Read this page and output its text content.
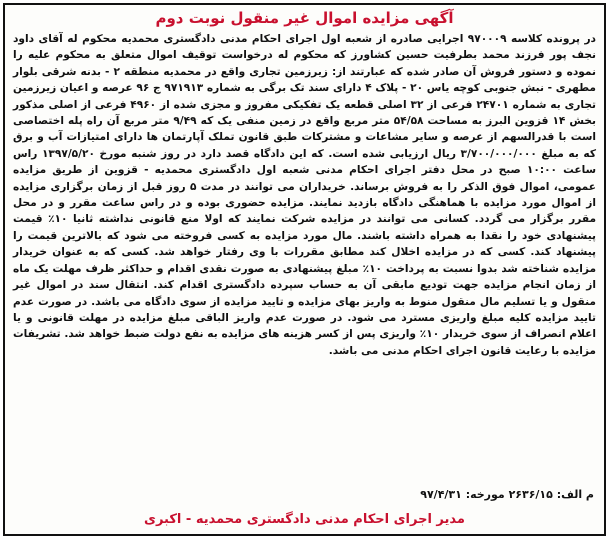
آگهی مزایده اموال غیر منقول نوبت دوم
در پرونده کلاسه ۹۷۰۰۰۹ اجرایی صادره از شعبه اول اجرای احکام مدنی دادگستری محمدیه محکوم له آقای داود نجف پور فرزند محمد بطرفیت حسین کشاورز که محکوم له درخواست توقیف اموال متعلق به محکوم علیه را نموده و دستور فروش آن صادر شده که عبارتند از: زیرزمین تجاری واقع در محمدیه منطقه ۲ - بدنه شرقی بلوار مطهری - نبش جنوبی کوچه یاس ۲۰ - پلاک ۴ دارای سند تک برگی به شماره ۹۷۱۹۱۳ ج ۹۶ عرصه و اعیان زیرزمین تجاری به شماره ۲۴۷۰۱ فرعی از ۳۲ اصلی قطعه یک تفکیکی مفروز و مجزی شده از ۴۹۶۰ فرعی از اصلی مذکور بخش ۱۴ قزوین البرز به مساحت ۵۴/۵۸ متر مربع واقع در زمین منفی یک که ۹/۴۹ متر مربع آن راه پله اختصاصی است با قدرالسهم از عرصه و سایر مشاعات و مشترکات طبق قانون تملک آپارتمان ها دارای امتیازات آب و برق که به مبلغ ۳/۷۰۰/۰۰۰/۰۰۰ ریال ارزیابی شده است. که این دادگاه قصد دارد در روز شنبه مورخ ۱۳۹۷/۵/۲۰ راس ساعت ۱۰:۰۰ صبح در محل دفتر اجرای احکام مدنی شعبه اول دادگستری محمدیه - قزوین از طریق مزایده عمومی، اموال فوق الذکر را به فروش برساند. خریداران می توانند در مدت ۵ روز قبل از زمان برگزاری مزایده از اموال مورد مزایده با هماهنگی دادگاه بازدید نمایند. مزایده حضوری بوده و در راس ساعت مقرر و در محل مقرر برگزار می گردد. کسانی می توانند در مزایده شرکت نمایند که اولا منع قانونی نداشته ثانیا ۱۰٪ قیمت پیشنهادی خود را نقدا به همراه داشته باشند. مال مورد مزایده به کسی فروخته می شود که بالاترین قیمت را پیشنهاد کند. کسی که در مزایده اخلال کند مطابق مقررات با وی رفتار خواهد شد. کسی که به عنوان خریدار مزایده شناخته شد بدوا نسبت به پرداخت ۱۰٪ مبلغ پیشنهادی به صورت نقدی اقدام و حداکثر ظرف مهلت یک ماه از زمان انجام مزایده جهت تودیع مابقی آن به حساب سپرده دادگستری اقدام کند. انتقال سند در اموال غیر منقول و یا تسلیم مال منقول منوط به واریز بهای مزایده و تایید مزایده از سوی دادگاه می باشد. در صورت عدم تایید مزایده کلیه مبلغ واریزی مسترد می شود. در صورت عدم واریز الباقی مبلغ مزایده در مهلت قانونی و یا اعلام انصراف از سوی خریدار ۱۰٪ واریزی پس از کسر هزینه های مزایده به نفع دولت ضبط خواهد شد. تشریفات مزایده با رعایت قانون اجرای احکام مدنی می باشد.
م الف: ۲۶۳۶/۱۵ مورخه: ۹۷/۴/۳۱
مدیر اجرای احکام مدنی دادگستری محمدیه - اکبری
